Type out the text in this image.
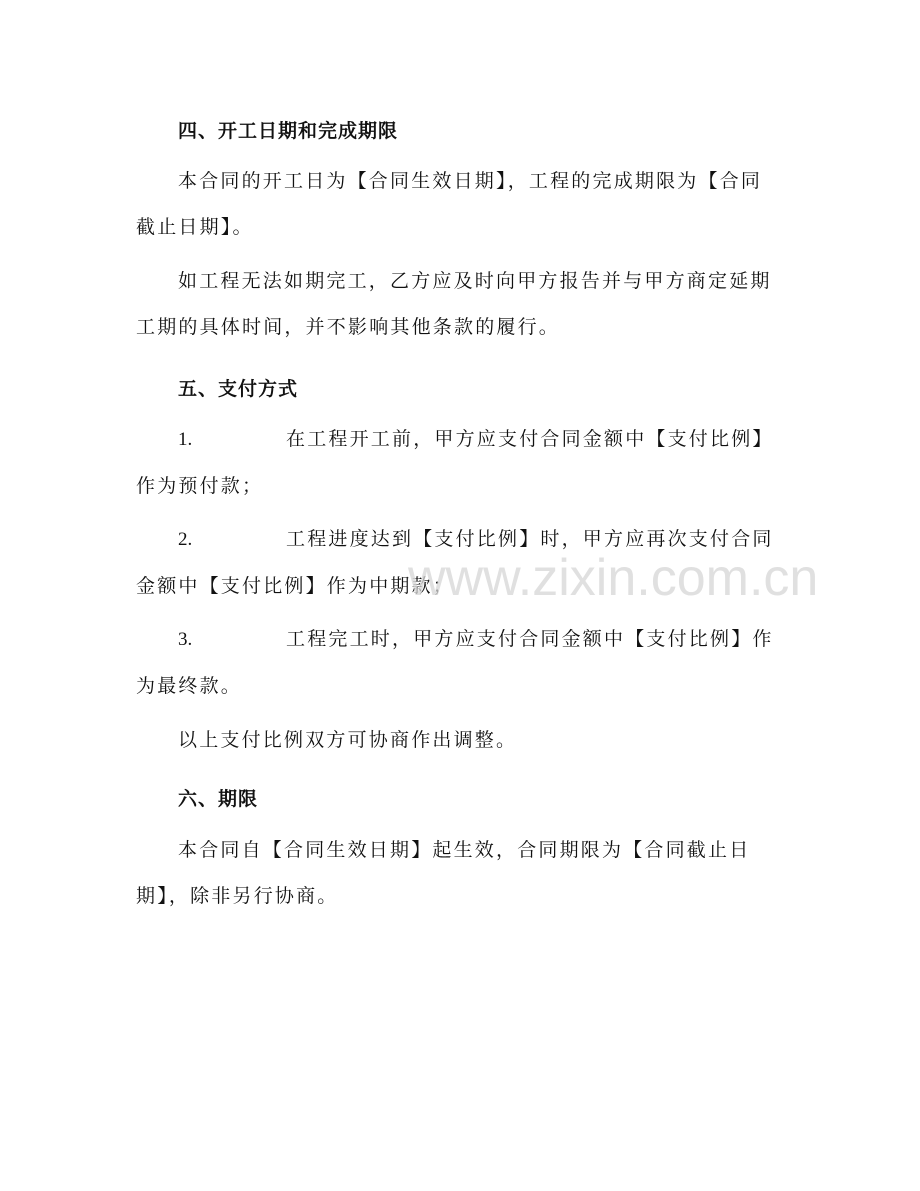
四、开工日期和完成期限
本合同的开工日为【合同生效日期】，工程的完成期限为【合同截止日期】。
如工程无法如期完工，乙方应及时向甲方报告并与甲方商定延期工期的具体时间，并不影响其他条款的履行。
五、支付方式
1.	在工程开工前，甲方应支付合同金额中【支付比例】作为预付款；
2.	工程进度达到【支付比例】时，甲方应再次支付合同金额中【支付比例】作为中期款；
3.	工程完工时，甲方应支付合同金额中【支付比例】作为最终款。
以上支付比例双方可协商作出调整。
六、期限
本合同自【合同生效日期】起生效，合同期限为【合同截止日期】，除非另行协商。
www.zixin.com.cn
